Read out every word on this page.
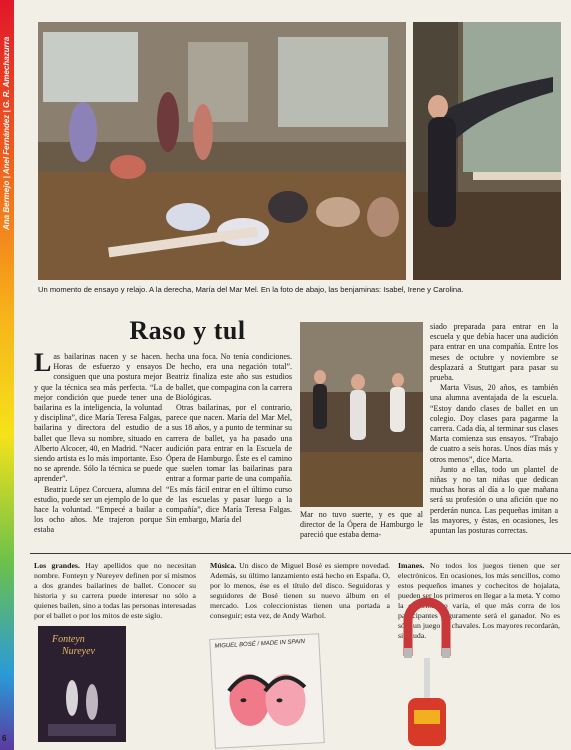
Ana Bermejo | Anel Fernández | G. R. Amechazurra
Un momento de ensayo y relajo. A la derecha, María del Mar Mel. En la foto de abajo, las benjaminas: Isabel, Irene y Carolina.
Raso y tul

Las bailarinas nacen y se hacen. Horas de esfuerzo y ensayos consiguen que una postura mejor y que la técnica sea más perfecta. “La mejor condición que puede tener una bailarina es la inteligencia, la voluntad y disciplina”, dice María Teresa Falgas, bailarina y directora del estudio de ballet que lleva su nombre, situado en Alberto Alcocer, 40, en Madrid. “Nacer siendo artista es lo más importante. Eso no se aprende. Sólo la técnica se puede aprender”.

Beatriz López Corcuera, alumna del estudio, puede ser un ejemplo de lo que hace la voluntad. “Empecé a bailar a los ocho años. Me trajeron porque estaba

hecha una foca. No tenía condiciones. De hecho, era una negación total”. Beatriz finaliza este año sus estudios de ballet, que compagina con la carrera de Biológicas.

Otras bailarinas, por el contrario, parece que nacen. María del Mar Mel, a sus 18 años, y a punto de terminar su carrera de ballet, ya ha pasado una audición para entrar en la Escuela de Ópera de Hamburgo. Éste es el camino que suelen tomar las bailarinas para entrar a formar parte de una compañía. “Es más fácil entrar en el último curso de las escuelas y pasar luego a la compañía”, dice María Teresa Falgas. Sin embargo, María del

Mar no tuvo suerte, y es que al director de la Ópera de Hamburgo le pareció que estaba dema-

siado preparada para entrar en la escuela y que debía hacer una audición para entrar en una compañía. Entre los meses de octubre y noviembre se desplazará a Stuttgart para pasar su prueba.

Marta Visus, 20 años, es también una alumna aventajada de la escuela. “Estoy dando clases de ballet en un colegio. Doy clases para pagarme la carrera. Cada día, al terminar sus clases Marta comienza sus ensayos. “Trabajo de cuatro a seis horas. Unos días más y otros menos”, dice Marta.

Junto a ellas, todo un plantel de niñas y no tan niñas que dedican muchas horas al día a lo que mañana será su profesión o una afición que no perderán nunca. Las pequeñas imitan a las mayores, y éstas, en ocasiones, les apuntan las posturas correctas.

Los grandes. Hay apellidos que no necesitan nombre. Fonteyn y Nureyev definen por sí mismos a dos grandes bailarines de ballet. Conocer su historia y su carrera puede interesar no sólo a quienes bailen, sino a todas las personas interesadas por el ballet o por los mitos de este siglo.
Fonteyn
Nureyev
Música. Un disco de Miguel Bosé es siempre novedad. Además, su último lanzamiento está hecho en España. O, por lo menos, ése es el título del disco. Seguidoras y seguidores de Bosé tienen su nuevo álbum en el mercado. Los coleccionistas tienen una portada a conseguir; esta vez, de Andy Warhol.
MIGUEL BOSÉ / MADE IN SPAIN
Imanes. No todos los juegos tienen que ser electrónicos. En ocasiones, los más sencillos, como estos pequeños imanes y cochecitos de hojalata, pueden ser los primeros en llegar a la meta. Y como la emoción no varía, el que más corra de los participantes seguramente será el ganador. No es sólo un juego de chavales. Los mayores recordarán, sin duda.
6
